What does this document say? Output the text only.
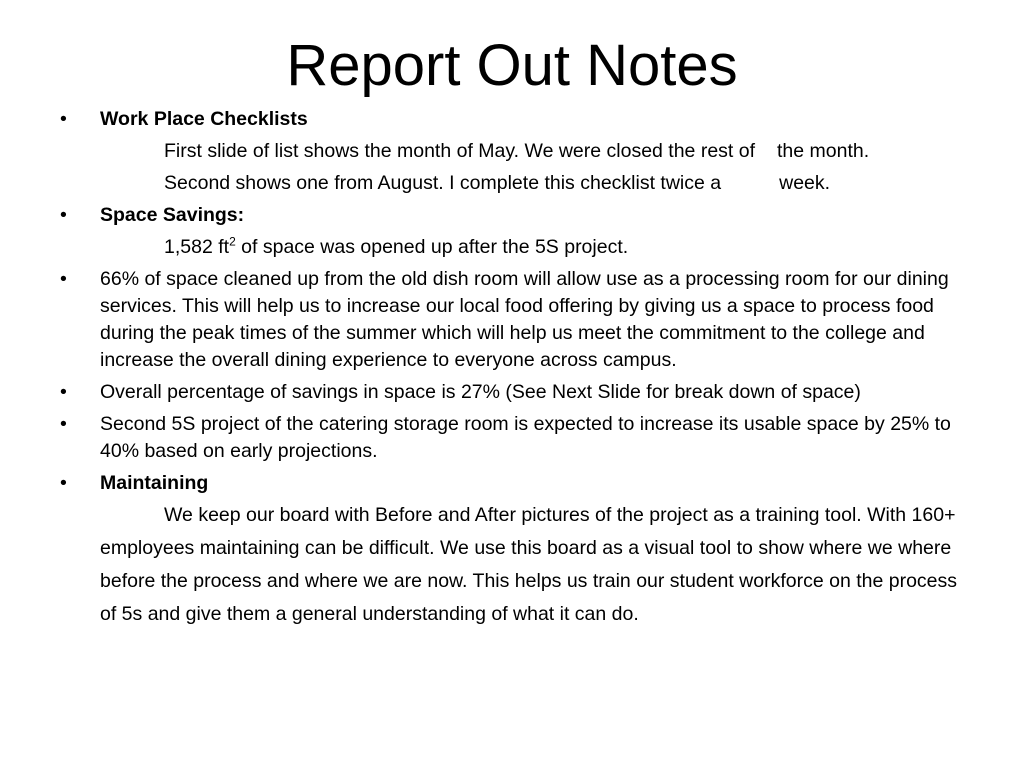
Report Out Notes
• Work Place Checklists
First slide of list shows the month of May. We were closed the rest of the month.
Second shows one from August. I complete this checklist twice a	week.
• Space Savings:
1,582 $ft^2$ of space was opened up after the 5S project.
• 66% of space cleaned up from the old dish room will allow use as a processing room for our dining services. This will help us to increase our local food offering by giving us a space to process food during the peak times of the summer which will help us meet the commitment to the college and increase the overall dining experience to everyone across campus.
• Overall percentage of savings in space is 27% (See Next Slide for break down of space)
• Second 5S project of the catering storage room is expected to increase its usable space by 25% to 40% based on early projections.
• Maintaining
We keep our board with Before and After pictures of the project as a training tool. With 160+ employees maintaining can be difficult. We use this board as a visual tool to show where we where before the process and where we are now. This helps us train our student workforce on the process of 5s and give them a general understanding of what it can do.
